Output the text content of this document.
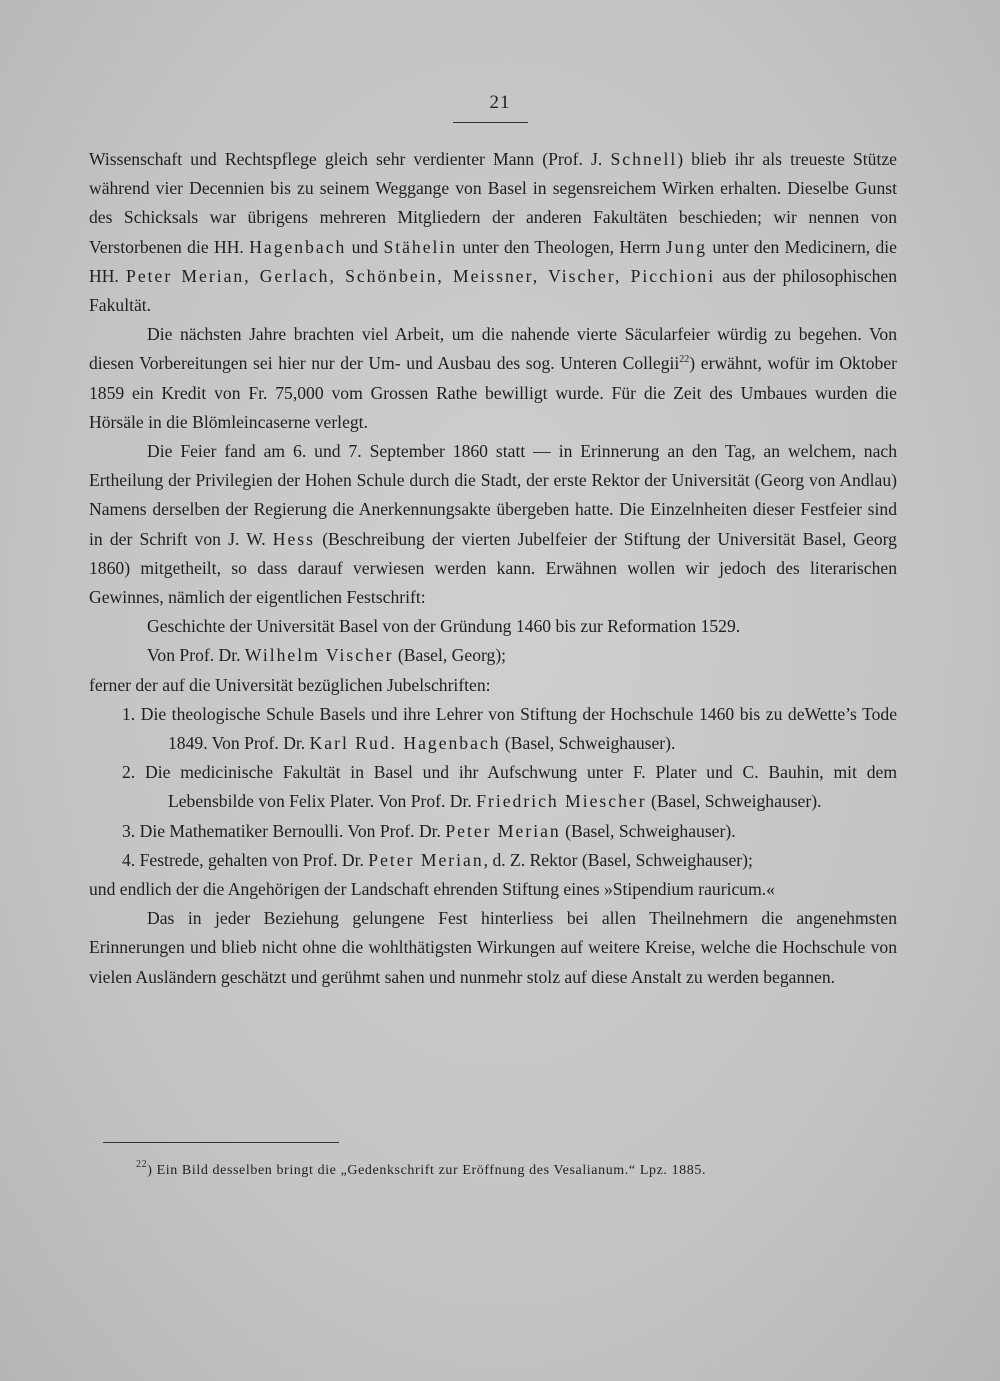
21

Wissenschaft und Rechtspflege gleich sehr verdienter Mann (Prof. J. Schnell) blieb ihr als treueste Stütze während vier Decennien bis zu seinem Weggange von Basel in segensreichem Wirken erhalten. Dieselbe Gunst des Schicksals war übrigens mehreren Mitgliedern der anderen Fakultäten beschieden; wir nennen von Verstorbenen die HH. Hagenbach und Stähelin unter den Theologen, Herrn Jung unter den Medicinern, die HH. Peter Merian, Gerlach, Schönbein, Meissner, Vischer, Picchioni aus der philosophischen Fakultät.

Die nächsten Jahre brachten viel Arbeit, um die nahende vierte Säcularfeier würdig zu begehen. Von diesen Vorbereitungen sei hier nur der Um- und Ausbau des sog. Unteren Collegii$^{22}$) erwähnt, wofür im Oktober 1859 ein Kredit von Fr. 75,000 vom Grossen Rathe bewilligt wurde. Für die Zeit des Umbaues wurden die Hörsäle in die Blömleincaserne verlegt.

Die Feier fand am 6. und 7. September 1860 statt — in Erinnerung an den Tag, an welchem, nach Ertheilung der Privilegien der Hohen Schule durch die Stadt, der erste Rektor der Universität (Georg von Andlau) Namens derselben der Regierung die Anerkennungsakte übergeben hatte. Die Einzelnheiten dieser Festfeier sind in der Schrift von J. W. Hess (Beschreibung der vierten Jubelfeier der Stiftung der Universität Basel, Georg 1860) mitgetheilt, so dass darauf verwiesen werden kann. Erwähnen wollen wir jedoch des literarischen Gewinnes, nämlich der eigentlichen Festschrift:

Geschichte der Universität Basel von der Gründung 1460 bis zur Reformation 1529.

Von Prof. Dr. Wilhelm Vischer (Basel, Georg);

ferner der auf die Universität bezüglichen Jubelschriften:

1. Die theologische Schule Basels und ihre Lehrer von Stiftung der Hochschule 1460 bis zu deWette’s Tode 1849. Von Prof. Dr. Karl Rud. Hagenbach (Basel, Schweighauser).

2. Die medicinische Fakultät in Basel und ihr Aufschwung unter F. Plater und C. Bauhin, mit dem Lebensbilde von Felix Plater. Von Prof. Dr. Friedrich Miescher (Basel, Schweighauser).

3. Die Mathematiker Bernoulli. Von Prof. Dr. Peter Merian (Basel, Schweighauser).

4. Festrede, gehalten von Prof. Dr. Peter Merian, d. Z. Rektor (Basel, Schweighauser);

und endlich der die Angehörigen der Landschaft ehrenden Stiftung eines »Stipendium rauricum.«

Das in jeder Beziehung gelungene Fest hinterliess bei allen Theilnehmern die angenehmsten Erinnerungen und blieb nicht ohne die wohlthätigsten Wirkungen auf weitere Kreise, welche die Hochschule von vielen Ausländern geschätzt und gerühmt sahen und nunmehr stolz auf diese Anstalt zu werden begannen.

$^{22}$) Ein Bild desselben bringt die „Gedenkschrift zur Eröffnung des Vesalianum.“ Lpz. 1885.
